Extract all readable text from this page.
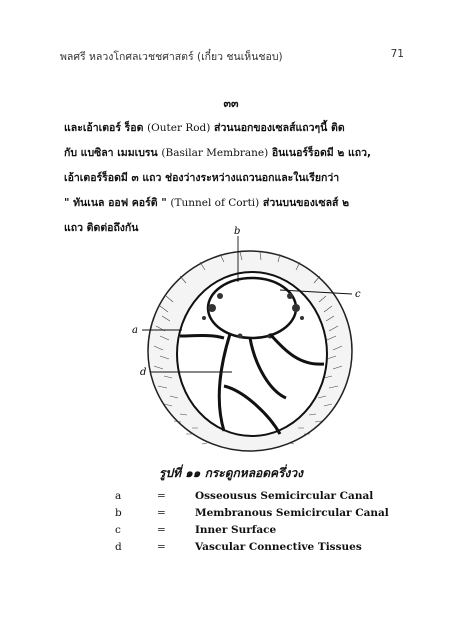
พลศรี หลวงโกศลเวชชศาสตร์ (เกี๋ยว ชนเห็นชอบ)	71
๓๓
และเอ้าเตอร์ ร็อด (Outer Rod) ส่วนนอกของเซลส์แถวๆนี้ ติด
กับ แบซิลา เมมเบรน (Basilar Membrane) อินเนอร์ร็อดมี ๒ แถว,
เอ้าเตอร์ร็อดมี ๓ แถว ช่องว่างระหว่างแถวนอกและในเรียกว่า
" ทันเนล ออฟ คอร์ติ " (Tunnel of Corti) ส่วนบนของเซลส์ ๒
แถว ติดต่อถึงกัน	b
c
a
d
รูปที่ ๑๑ กระดูกหลอดครึ่งวง
a	=	Osseousus Semicircular Canal
b	=	Membranous Semicircular Canal
c	=	Inner Surface
d	=	Vascular Connective Tissues
